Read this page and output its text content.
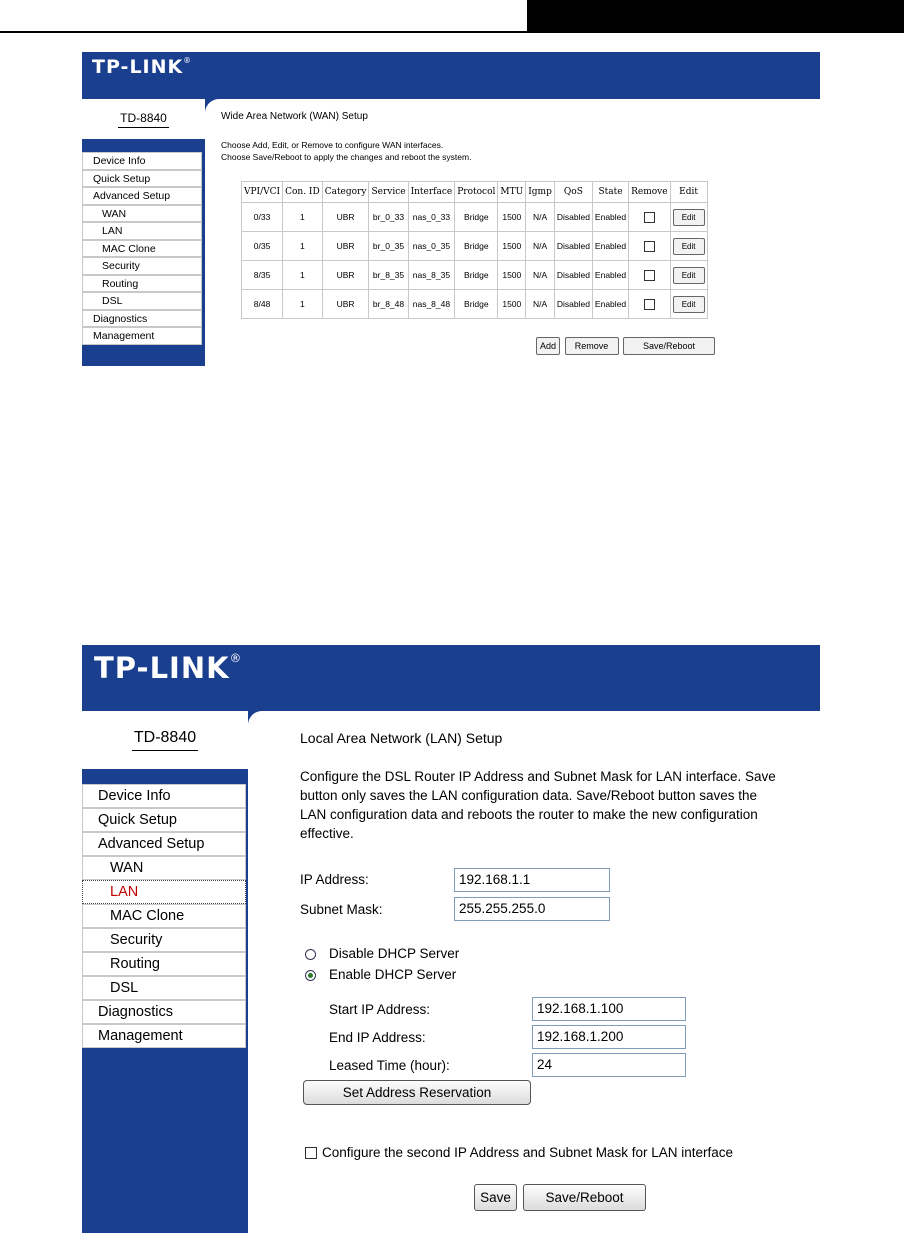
TP-LINK®
TD-8840
Device Info
Quick Setup
Advanced Setup
WAN
LAN
MAC Clone
Security
Routing
DSL
Diagnostics
Management
Wide Area Network (WAN) Setup
Choose Add, Edit, or Remove to configure WAN interfaces.
Choose Save/Reboot to apply the changes and reboot the system.
VPI/VCI	Con. ID	Category	Service	Interface	Protocol	MTU	Igmp	QoS	State	Remove	Edit
0/33	1	UBR	br_0_33	nas_0_33	Bridge	1500	N/A	Disabled	Enabled		Edit
0/35	1	UBR	br_0_35	nas_0_35	Bridge	1500	N/A	Disabled	Enabled		Edit
8/35	1	UBR	br_8_35	nas_8_35	Bridge	1500	N/A	Disabled	Enabled		Edit
8/48	1	UBR	br_8_48	nas_8_48	Bridge	1500	N/A	Disabled	Enabled		Edit
Add Remove	Save/Reboot
TP-LINK®
TD-8840
Device Info
Quick Setup
Advanced Setup
WAN
LAN
MAC Clone
Security
Routing
DSL
Diagnostics
Management
Local Area Network (LAN) Setup
Configure the DSL Router IP Address and Subnet Mask for LAN interface. Save
button only saves the LAN configuration data. Save/Reboot button saves the
LAN configuration data and reboots the router to make the new configuration
effective.
IP Address:	192.168.1.1
Subnet Mask:	255.255.255.0
Disable DHCP Server
Enable DHCP Server
Start IP Address:	192.168.1.100
End IP Address:	192.168.1.200
Leased Time (hour):	24
Set Address Reservation
Configure the second IP Address and Subnet Mask for LAN interface
Save	Save/Reboot
